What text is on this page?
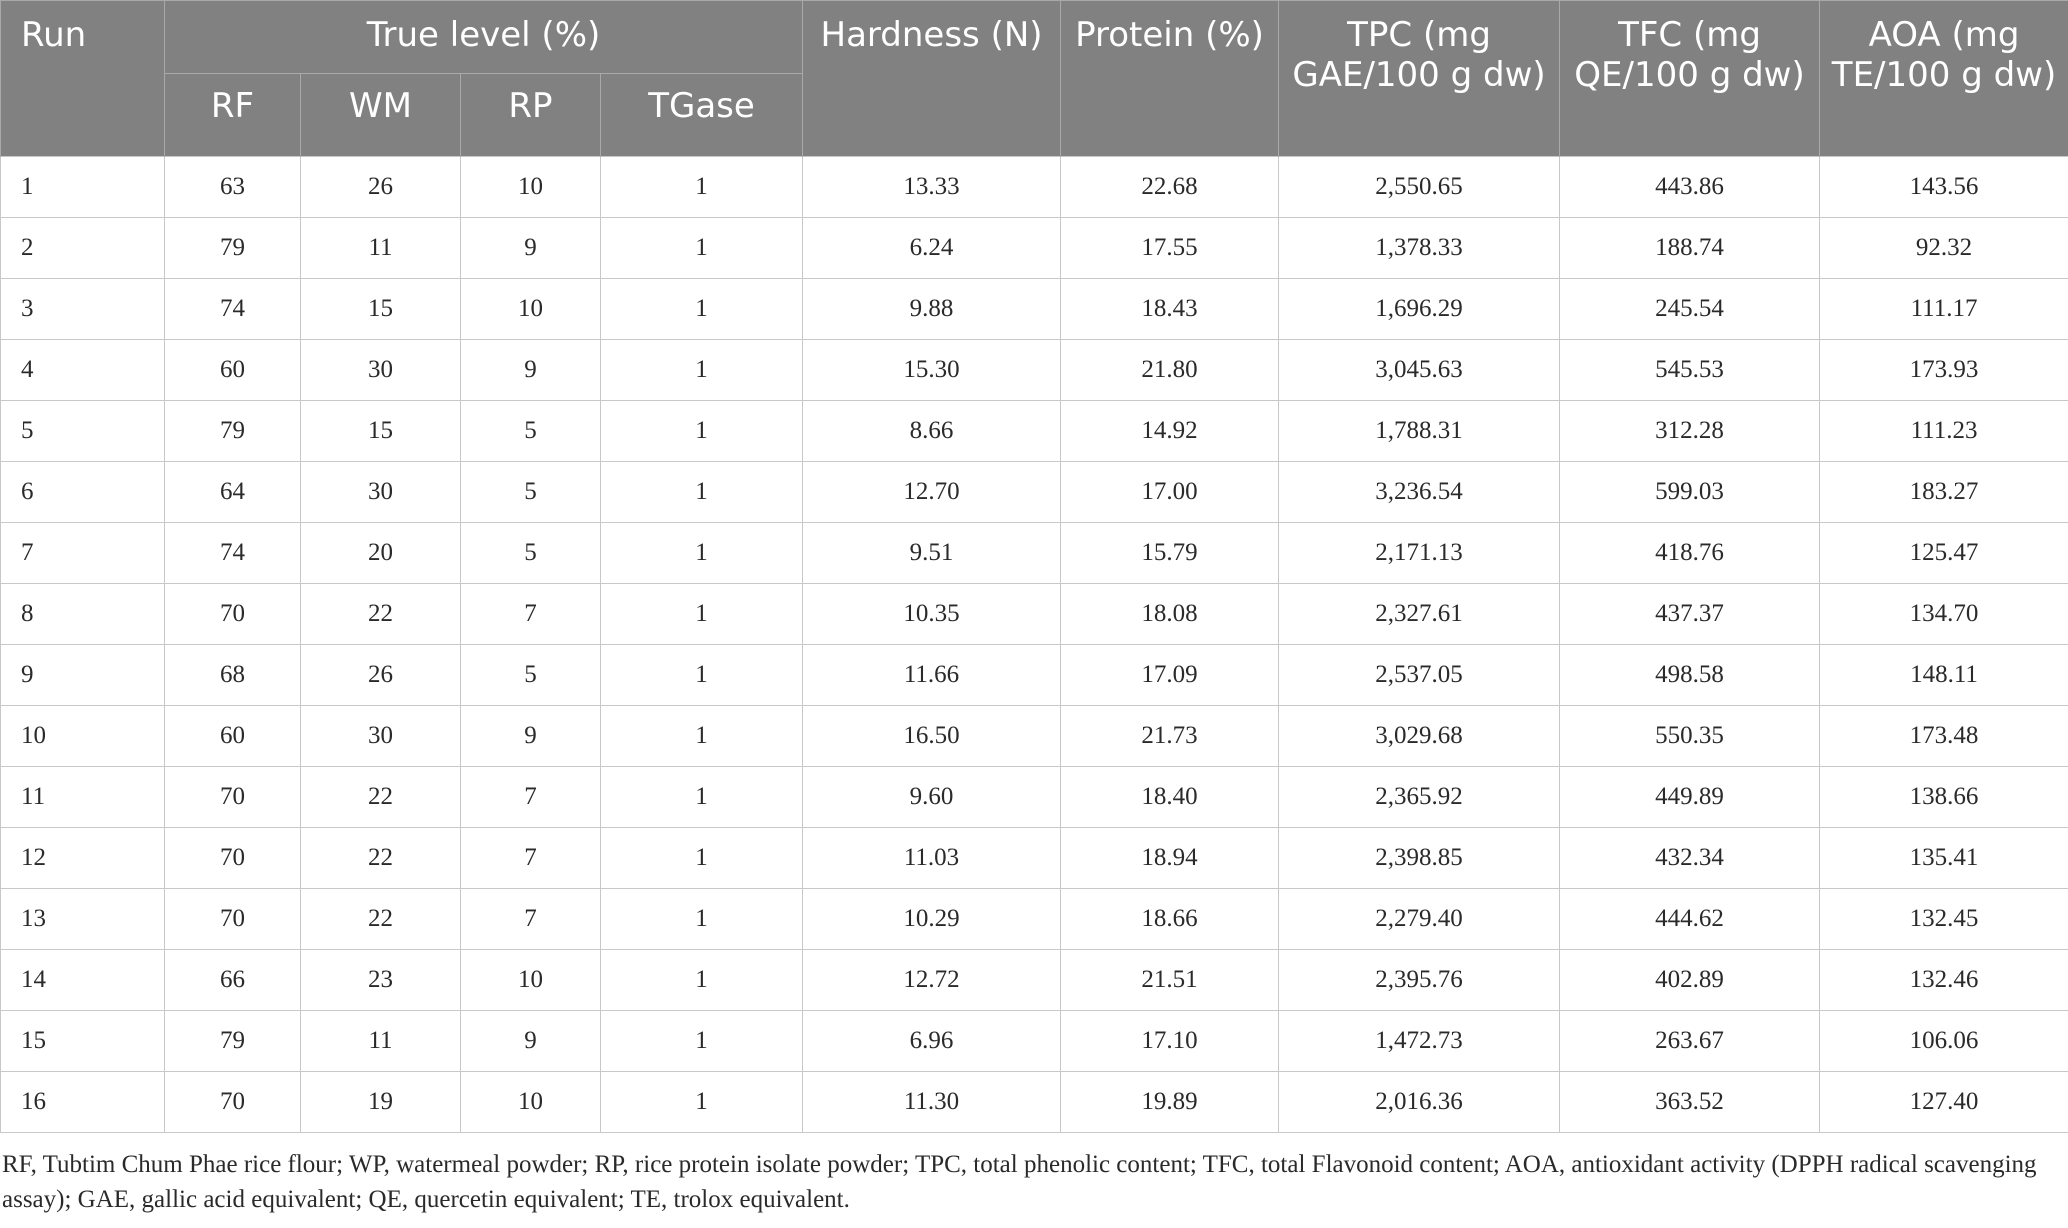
Run	True level (%)				Hardness (N)	Protein (%)	TPC (mg GAE/100 g dw)	TFC (mg QE/100 g dw)	AOA (mg TE/100 g dw)
	RF	WM	RP	TGase					
1	63	26	10	1	13.33	22.68	2,550.65	443.86	143.56
2	79	11	9	1	6.24	17.55	1,378.33	188.74	92.32
3	74	15	10	1	9.88	18.43	1,696.29	245.54	111.17
4	60	30	9	1	15.30	21.80	3,045.63	545.53	173.93
5	79	15	5	1	8.66	14.92	1,788.31	312.28	111.23
6	64	30	5	1	12.70	17.00	3,236.54	599.03	183.27
7	74	20	5	1	9.51	15.79	2,171.13	418.76	125.47
8	70	22	7	1	10.35	18.08	2,327.61	437.37	134.70
9	68	26	5	1	11.66	17.09	2,537.05	498.58	148.11
10	60	30	9	1	16.50	21.73	3,029.68	550.35	173.48
11	70	22	7	1	9.60	18.40	2,365.92	449.89	138.66
12	70	22	7	1	11.03	18.94	2,398.85	432.34	135.41
13	70	22	7	1	10.29	18.66	2,279.40	444.62	132.45
14	66	23	10	1	12.72	21.51	2,395.76	402.89	132.46
15	79	11	9	1	6.96	17.10	1,472.73	263.67	106.06
16	70	19	10	1	11.30	19.89	2,016.36	363.52	127.40

RF, Tubtim Chum Phae rice flour; WP, watermeal powder; RP, rice protein isolate powder; TPC, total phenolic content; TFC, total Flavonoid content; AOA, antioxidant activity (DPPH radical scavenging assay); GAE, gallic acid equivalent; QE, quercetin equivalent; TE, trolox equivalent.
